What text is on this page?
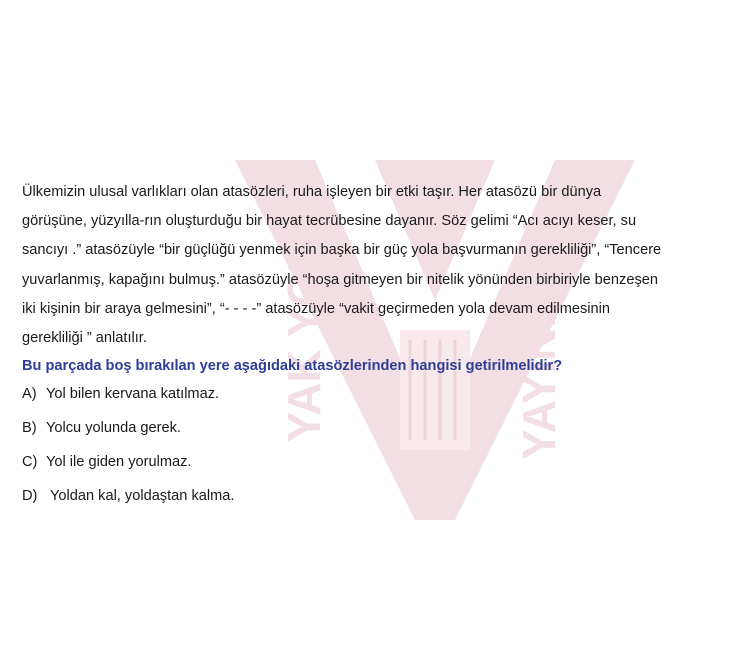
YAK YOK	YAYINLARI

Ülkemizin ulusal varlıkları olan atasözleri, ruha işleyen bir etki taşır. Her atasözü bir dünya
görüşüne, yüzyılla-rın oluşturduğu bir hayat tecrübesine dayanır. Söz gelimi “Acı acıyı keser, su
sancıyı .” atasözüyle “bir güçlüğü yenmek için başka bir güç yola başvurmanın gerekliliği”, “Tencere
yuvarlanmış, kapağını bulmuş.” atasözüyle “hoşa gitmeyen bir nitelik yönünden birbiriyle benzeşen
iki kişinin bir araya gelmesini”, “- - - -” atasözüyle “vakit geçirmeden yola devam edilmesinin
gerekliliği ” anlatılır.

Bu parçada boş bırakılan yere aşağıdaki atasözlerinden hangisi getirilmelidir?

A) Yol bilen kervana katılmaz.
B) Yolcu yolunda gerek.
C) Yol ile giden yorulmaz.
D) Yoldan kal, yoldaştan kalma.
